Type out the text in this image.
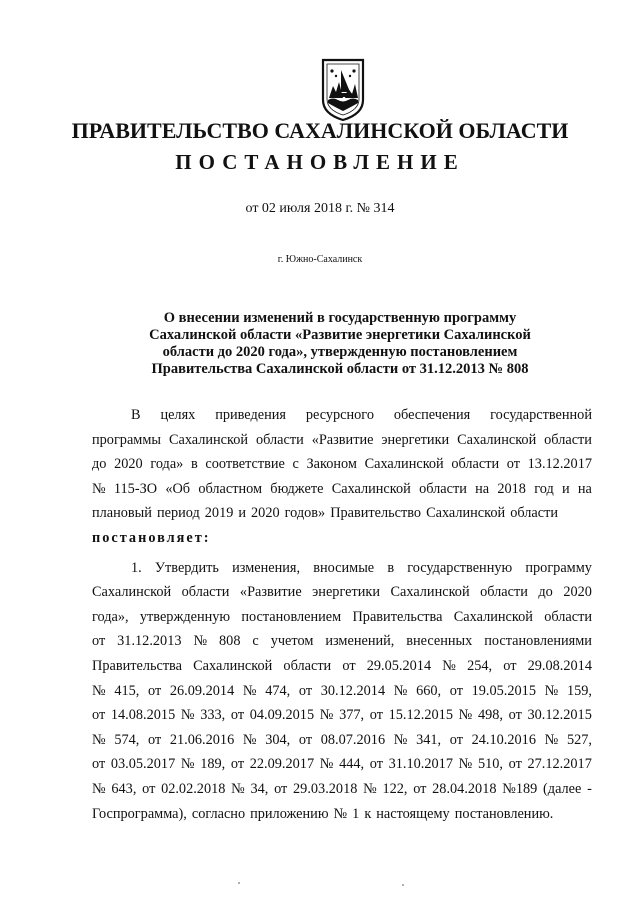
ПРАВИТЕЛЬСТВО САХАЛИНСКОЙ ОБЛАСТИ
ПОСТАНОВЛЕНИЕ

от 02 июля 2018 г. № 314

г. Южно-Сахалинск

О внесении изменений в государственную программу
Сахалинской области «Развитие энергетики Сахалинской
области до 2020 года», утвержденную постановлением
Правительства Сахалинской области от 31.12.2013 № 808
В целях приведения ресурсного обеспечения государственной
программы Сахалинской области «Развитие энергетики Сахалинской области
до 2020 года» в соответствие с Законом Сахалинской области от 13.12.2017
№ 115-ЗО «Об областном бюджете Сахалинской области на 2018 год и на
плановый период 2019 и 2020 годов» Правительство Сахалинской области
постановляет:
1. Утвердить изменения, вносимые в государственную программу
Сахалинской области «Развитие энергетики Сахалинской области до 2020
года», утвержденную постановлением Правительства Сахалинской области
от 31.12.2013 № 808 с учетом изменений, внесенных постановлениями
Правительства Сахалинской области от 29.05.2014 № 254, от 29.08.2014
№ 415, от 26.09.2014 № 474, от 30.12.2014 № 660, от 19.05.2015 № 159,
от 14.08.2015 № 333, от 04.09.2015 № 377, от 15.12.2015 № 498, от 30.12.2015
№ 574, от 21.06.2016 № 304, от 08.07.2016 № 341, от 24.10.2016 № 527,
от 03.05.2017 № 189, от 22.09.2017 № 444, от 31.10.2017 № 510, от 27.12.2017
№ 643, от 02.02.2018 № 34, от 29.03.2018 № 122, от 28.04.2018 №189 (далее -
Госпрограмма), согласно приложению № 1 к настоящему постановлению.
